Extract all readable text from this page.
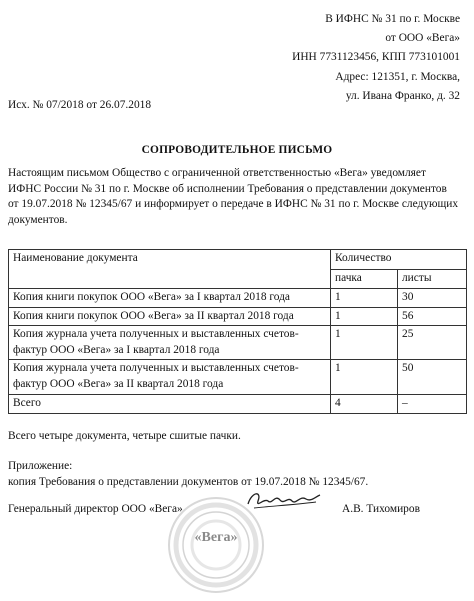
В ИФНС № 31 по г. Москве
от ООО «Вега»
ИНН 7731123456, КПП 773101001
Адрес: 121351, г. Москва,
ул. Ивана Франко, д. 32
Исх. № 07/2018 от 26.07.2018
СОПРОВОДИТЕЛЬНОЕ ПИСЬМО

Настоящим письмом Общество с ограниченной ответственностью «Вега» уведомляет

ИФНС России № 31 по г. Москве об исполнении Требования о представлении документов

от 19.07.2018 № 12345/67 и информирует о передаче в ИФНС № 31 по г. Москве следующих

документов.

Наименование документа	Количество	
	пачка	листы
Копия книги покупок ООО «Вега» за I квартал 2018 года	1	30
Копия книги покупок ООО «Вега» за II квартал 2018 года	1	56

Копия журнала учета полученных и выставленных счетов-
фактур ООО «Вега» за I квартал 2018 года	1	25

Копия журнала учета полученных и выставленных счетов-
фактур ООО «Вега» за II квартал 2018 года	1	50
Всего	4	–
Всего четыре документа, четыре сшитые пачки.
Приложение:
копия Требования о представлении документов от 19.07.2018 № 12345/67.
«Вега»
Генеральный директор ООО «Вега»	А.В. Тихомиров
